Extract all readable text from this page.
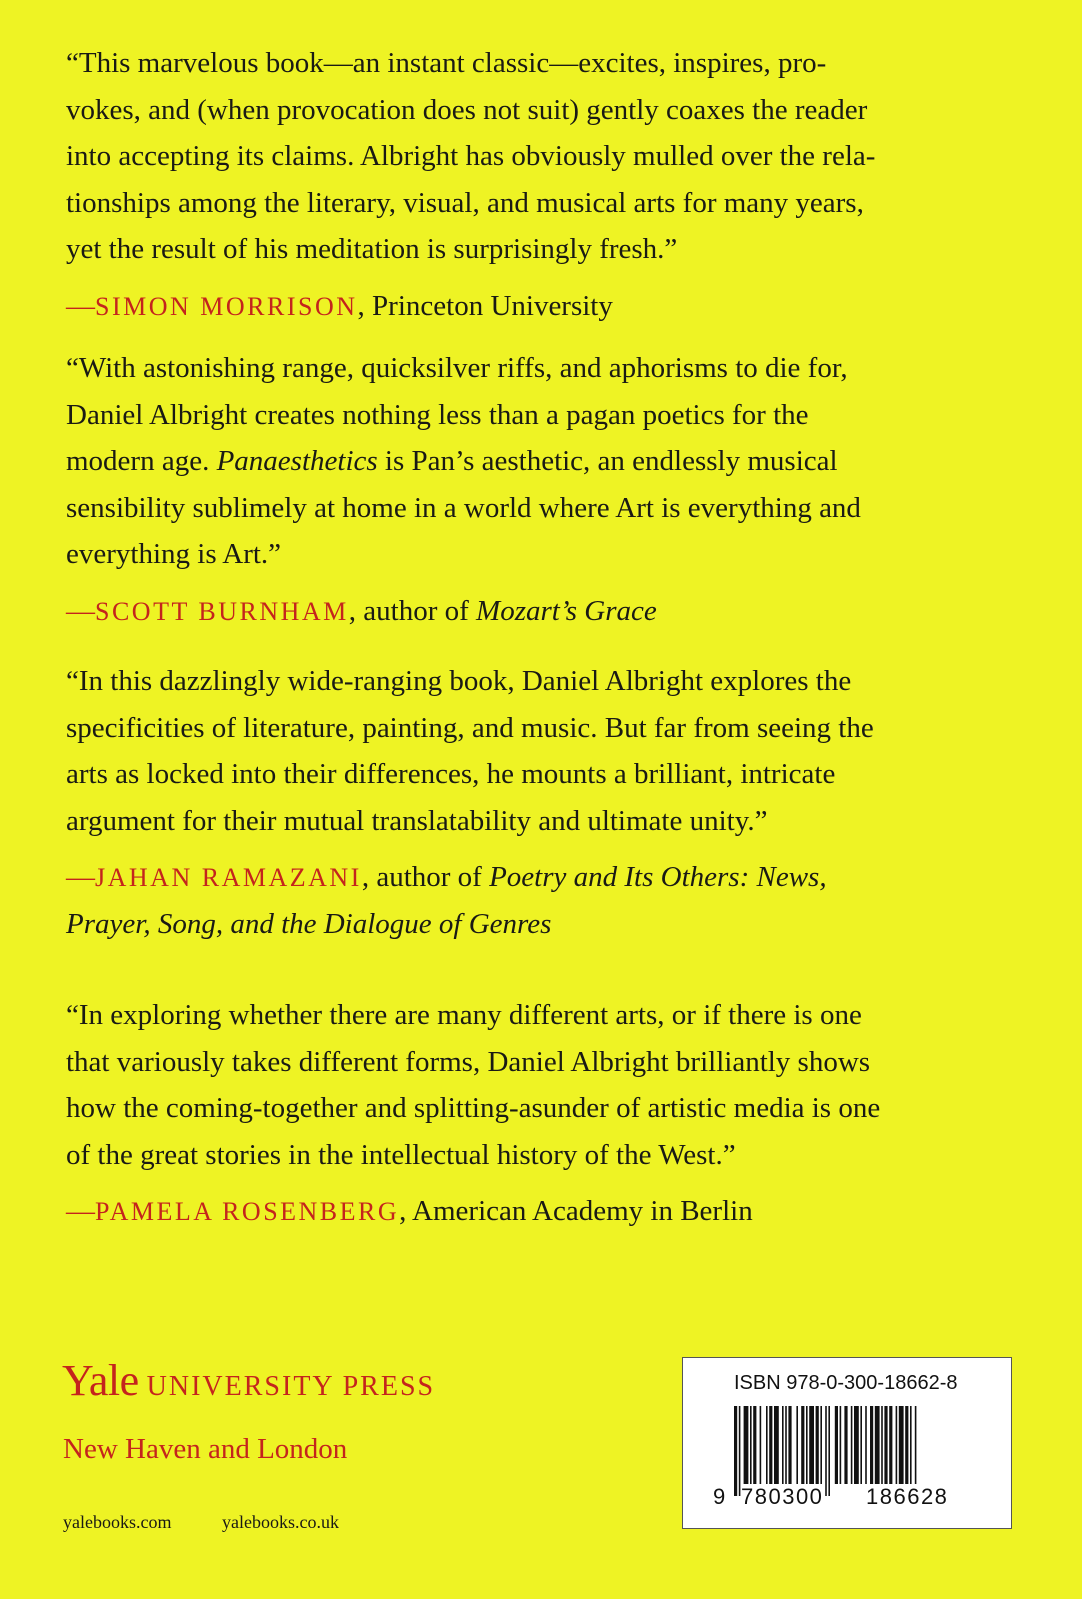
“This marvelous book—an instant classic—excites, inspires, pro-

vokes, and (when provocation does not suit) gently coaxes the reader

into accepting its claims. Albright has obviously mulled over the rela-

tionships among the literary, visual, and musical arts for many years,

yet the result of his meditation is surprisingly fresh.”

—SIMON MORRISON, Princeton University

“With astonishing range, quicksilver riffs, and aphorisms to die for,

Daniel Albright creates nothing less than a pagan poetics for the

modern age. Panaesthetics is Pan’s aesthetic, an endlessly musical

sensibility sublimely at home in a world where Art is everything and

everything is Art.”

—SCOTT BURNHAM, author of Mozart’s Grace

“In this dazzlingly wide-ranging book, Daniel Albright explores the

specificities of literature, painting, and music. But far from seeing the

arts as locked into their differences, he mounts a brilliant, intricate

argument for their mutual translatability and ultimate unity.”

—JAHAN RAMAZANI, author of Poetry and Its Others: News,
Prayer, Song, and the Dialogue of Genres

“In exploring whether there are many different arts, or if there is one

that variously takes different forms, Daniel Albright brilliantly shows

how the coming-together and splitting-asunder of artistic media is one

of the great stories in the intellectual history of the West.”

—PAMELA ROSENBERG, American Academy in Berlin
Yale UNIVERSITY PRESS
New Haven and London
yalebooks.com	yalebooks.co.uk
ISBN 978-0-300-18662-8
9 780300 186628
